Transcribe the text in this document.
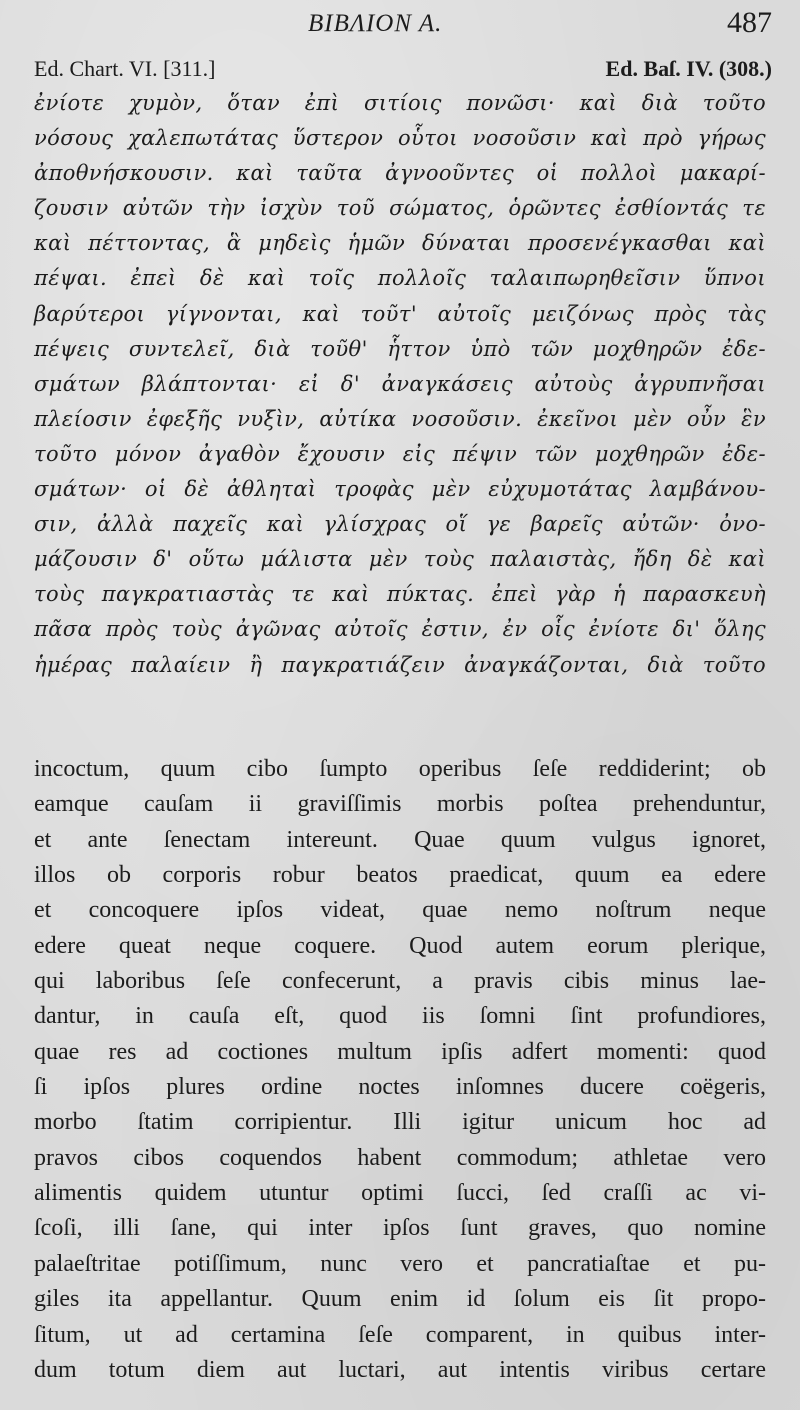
ΒΙΒΛΙΟΝ Α.	487
Ed. Chart. VI. [311.]	Ed. Baſ. IV. (308.)
ἐνίοτε χυμὸν, ὅταν ἐπὶ σιτίοις πονῶσι· καὶ διὰ τοῦτο
νόσους χαλεπωτάτας ὕστερον οὗτοι νοσοῦσιν καὶ πρὸ γήρως
ἀποθνήσκουσιν. καὶ ταῦτα ἀγνοοῦντες οἱ πολλοὶ μακαρί-
ζουσιν αὐτῶν τὴν ἰσχὺν τοῦ σώματος, ὁρῶντες ἐσθίοντάς τε
καὶ πέττοντας, ἃ μηδεὶς ἡμῶν δύναται προσενέγκασθαι καὶ
πέψαι. ἐπεὶ δὲ καὶ τοῖς πολλοῖς ταλαιπωρηθεῖσιν ὕπνοι
βαρύτεροι γίγνονται, καὶ τοῦτ' αὐτοῖς μειζόνως πρὸς τὰς
πέψεις συντελεῖ, διὰ τοῦθ' ἧττον ὑπὸ τῶν μοχθηρῶν ἐδε-
σμάτων βλάπτονται· εἰ δ' ἀναγκάσεις αὐτοὺς ἀγρυπνῆσαι
πλείοσιν ἐφεξῆς νυξὶν, αὐτίκα νοσοῦσιν. ἐκεῖνοι μὲν οὖν ἓν
τοῦτο μόνον ἀγαθὸν ἔχουσιν εἰς πέψιν τῶν μοχθηρῶν ἐδε-
σμάτων· οἱ δὲ ἀθληταὶ τροφὰς μὲν εὐχυμοτάτας λαμβάνου-
σιν, ἀλλὰ παχεῖς καὶ γλίσχρας οἵ γε βαρεῖς αὐτῶν· ὀνο-
μάζουσιν δ' οὕτω μάλιστα μὲν τοὺς παλαιστὰς, ἤδη δὲ καὶ
τοὺς παγκρατιαστὰς τε καὶ πύκτας. ἐπεὶ γὰρ ἡ παρασκευὴ
πᾶσα πρὸς τοὺς ἀγῶνας αὐτοῖς ἐστιν, ἐν οἷς ἐνίοτε δι' ὅλης
ἡμέρας παλαίειν ἢ παγκρατιάζειν ἀναγκάζονται, διὰ τοῦτο
incoctum, quum cibo ſumpto operibus ſeſe reddiderint; ob
eamque cauſam ii graviſſimis morbis poſtea prehenduntur,
et ante ſenectam intereunt. Quae quum vulgus ignoret,
illos ob corporis robur beatos praedicat, quum ea edere
et concoquere ipſos videat, quae nemo noſtrum neque
edere queat neque coquere. Quod autem eorum plerique,
qui laboribus ſeſe confecerunt, a pravis cibis minus lae-
dantur, in cauſa eſt, quod iis ſomni ſint profundiores,
quae res ad coctiones multum ipſis adfert momenti: quod
ſi ipſos plures ordine noctes inſomnes ducere coëgeris,
morbo ſtatim corripientur. Illi igitur unicum hoc ad
pravos cibos coquendos habent commodum; athletae vero
alimentis quidem utuntur optimi ſucci, ſed craſſi ac vi-
ſcoſi, illi ſane, qui inter ipſos ſunt graves, quo nomine
palaeſtritae potiſſimum, nunc vero et pancratiaſtae et pu-
giles ita appellantur. Quum enim id ſolum eis ſit propo-
ſitum, ut ad certamina ſeſe comparent, in quibus inter-
dum totum diem aut luctari, aut intentis viribus certare
